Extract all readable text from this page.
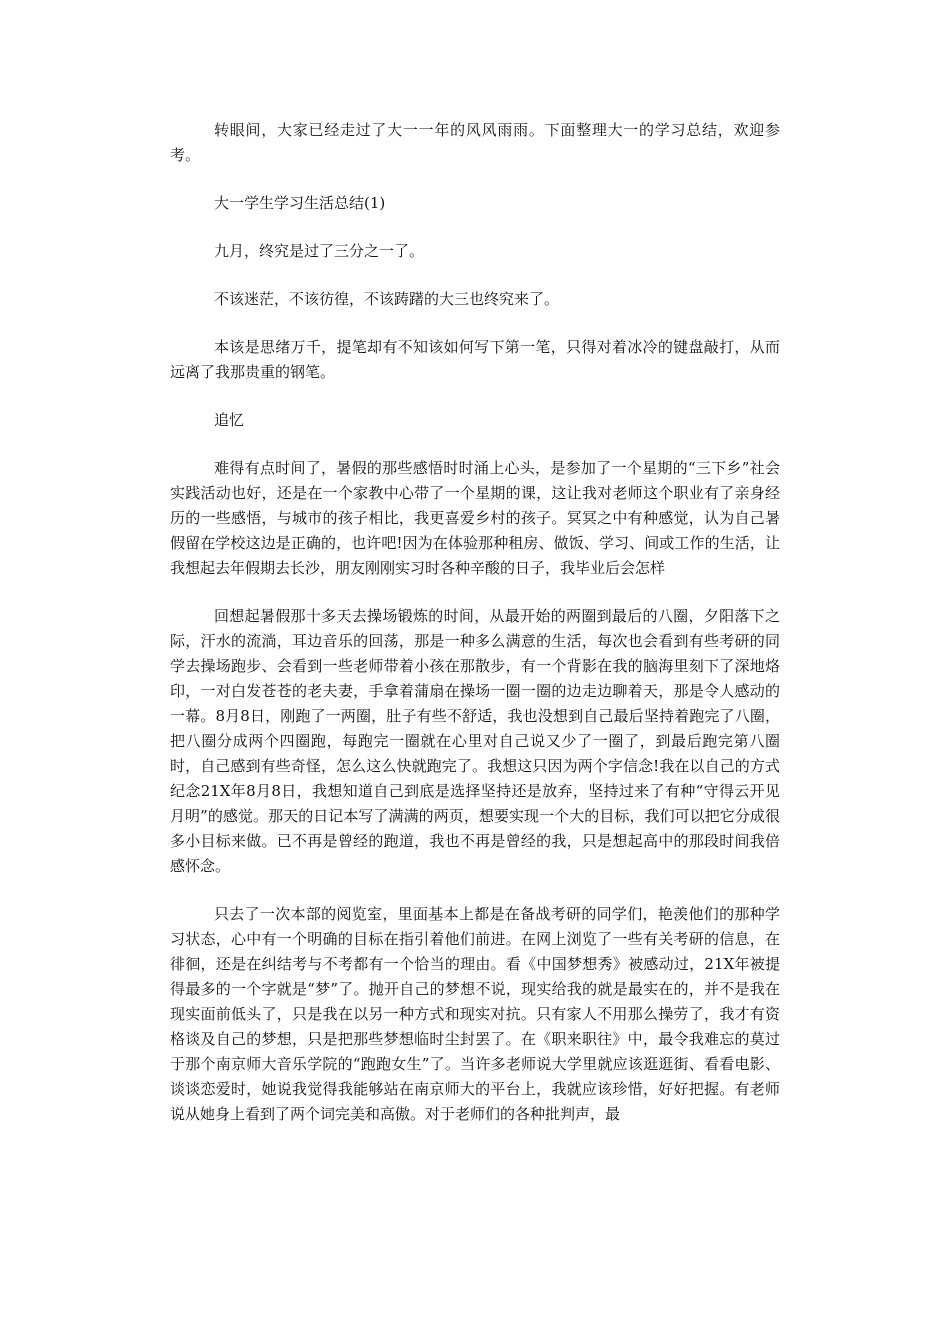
转眼间，大家已经走过了大一一年的风风雨雨。下面整理大一的学习总结，欢迎参考。

大一学生学习生活总结(1)

九月，终究是过了三分之一了。

不该迷茫，不该彷徨，不该踌躇的大三也终究来了。

本该是思绪万千，提笔却有不知该如何写下第一笔，只得对着冰冷的键盘敲打，从而远离了我那贵重的钢笔。

追忆

难得有点时间了，暑假的那些感悟时时涌上心头，是参加了一个星期的“三下乡”社会实践活动也好，还是在一个家教中心带了一个星期的课，这让我对老师这个职业有了亲身经历的一些感悟，与城市的孩子相比，我更喜爱乡村的孩子。冥冥之中有种感觉，认为自己暑假留在学校这边是正确的，也许吧!因为在体验那种租房、做饭、学习、间或工作的生活，让我想起去年假期去长沙，朋友刚刚实习时各种辛酸的日子，我毕业后会怎样

回想起暑假那十多天去操场锻炼的时间，从最开始的两圈到最后的八圈，夕阳落下之际，汗水的流淌，耳边音乐的回荡，那是一种多么满意的生活，每次也会看到有些考研的同学去操场跑步、会看到一些老师带着小孩在那散步，有一个背影在我的脑海里刻下了深地烙印，一对白发苍苍的老夫妻，手拿着蒲扇在操场一圈一圈的边走边聊着天，那是令人感动的一幕。8月8日，刚跑了一两圈，肚子有些不舒适，我也没想到自己最后坚持着跑完了八圈，把八圈分成两个四圈跑，每跑完一圈就在心里对自己说又少了一圈了，到最后跑完第八圈时，自己感到有些奇怪，怎么这么快就跑完了。我想这只因为两个字信念!我在以自己的方式纪念21X年8月8日，我想知道自己到底是选择坚持还是放弃，坚持过来了有种“守得云开见月明”的感觉。那天的日记本写了满满的两页，想要实现一个大的目标，我们可以把它分成很多小目标来做。已不再是曾经的跑道，我也不再是曾经的我，只是想起高中的那段时间我倍感怀念。

只去了一次本部的阅览室，里面基本上都是在备战考研的同学们，艳羡他们的那种学习状态，心中有一个明确的目标在指引着他们前进。在网上浏览了一些有关考研的信息，在徘徊，还是在纠结考与不考都有一个恰当的理由。看《中国梦想秀》被感动过，21X年被提得最多的一个字就是“梦”了。抛开自己的梦想不说，现实给我的就是最实在的，并不是我在现实面前低头了，只是我在以另一种方式和现实对抗。只有家人不用那么操劳了，我才有资格谈及自己的梦想，只是把那些梦想临时尘封罢了。在《职来职往》中，最令我难忘的莫过于那个南京师大音乐学院的“跑跑女生”了。当许多老师说大学里就应该逛逛街、看看电影、谈谈恋爱时，她说我觉得我能够站在南京师大的平台上，我就应该珍惜，好好把握。有老师说从她身上看到了两个词完美和高傲。对于老师们的各种批判声，最
